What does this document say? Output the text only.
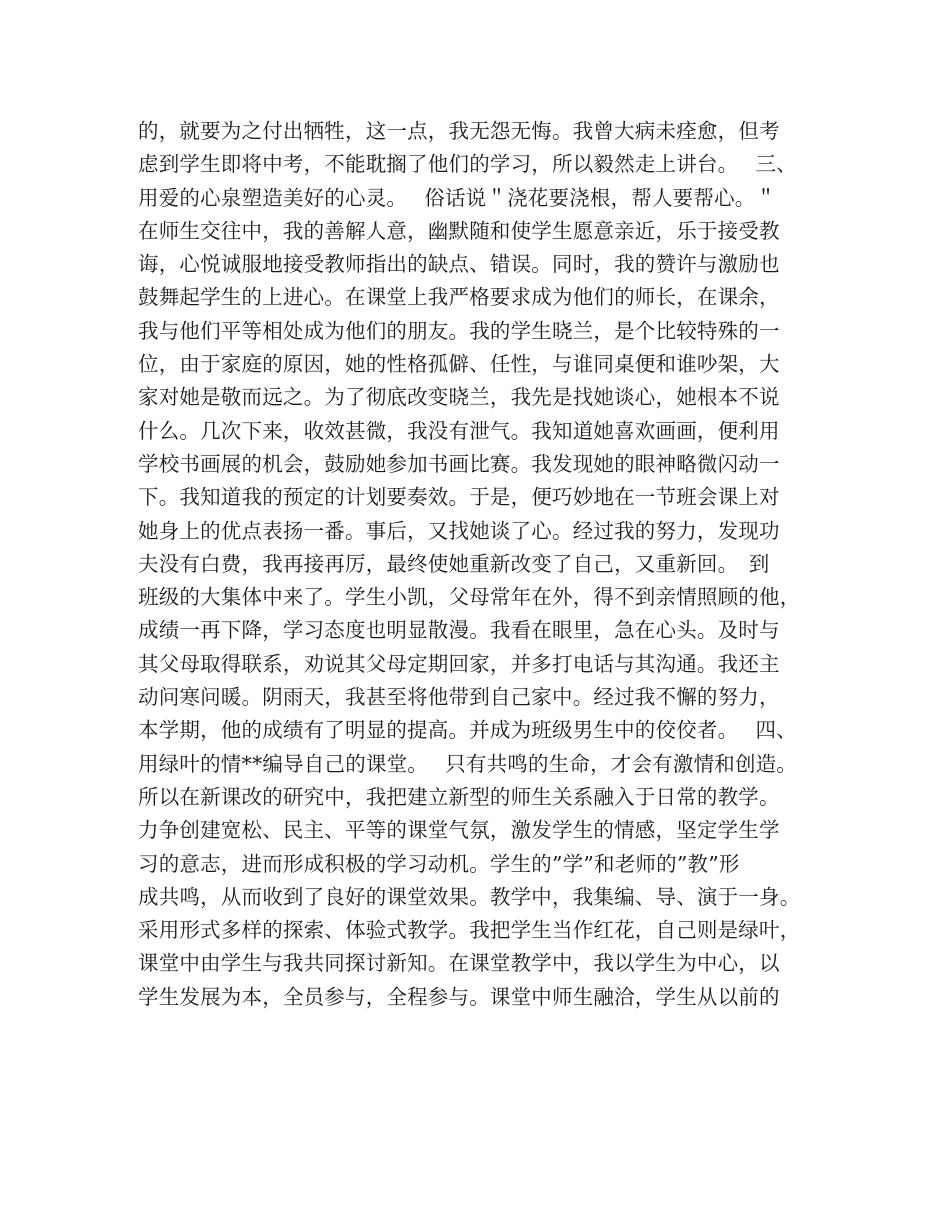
的，就要为之付出牺牲，这一点，我无怨无悔。我曾大病未痊愈，但考
虑到学生即将中考，不能耽搁了他们的学习，所以毅然走上讲台。　 三、
用爱的心泉塑造美好的心灵。　 俗话说＂浇花要浇根，帮人要帮心。＂
在师生交往中，我的善解人意，幽默随和使学生愿意亲近，乐于接受教
诲，心悦诚服地接受教师指出的缺点、错误。同时，我的赞许与激励也
鼓舞起学生的上进心。在课堂上我严格要求成为他们的师长，在课余，
我与他们平等相处成为他们的朋友。我的学生晓兰，是个比较特殊的一
位，由于家庭的原因，她的性格孤僻、任性，与谁同桌便和谁吵架，大
家对她是敬而远之。为了彻底改变晓兰，我先是找她谈心，她根本不说
什么。几次下来，收效甚微，我没有泄气。我知道她喜欢画画，便利用
学校书画展的机会，鼓励她参加书画比赛。我发现她的眼神略微闪动一
下。我知道我的预定的计划要奏效。于是，便巧妙地在一节班会课上对
她身上的优点表扬一番。事后，又找她谈了心。经过我的努力，发现功
夫没有白费，我再接再厉，最终使她重新改变了自己，又重新回。　到
班级的大集体中来了。学生小凯，父母常年在外，得不到亲情照顾的他，
成绩一再下降，学习态度也明显散漫。我看在眼里，急在心头。及时与
其父母取得联系，劝说其父母定期回家，并多打电话与其沟通。我还主
动问寒问暖。阴雨天，我甚至将他带到自己家中。经过我不懈的努力，
本学期，他的成绩有了明显的提高。并成为班级男生中的佼佼者。　 四、
用绿叶的情**编导自己的课堂。　 只有共鸣的生命，才会有激情和创造。
所以在新课改的研究中，我把建立新型的师生关系融入于日常的教学。
力争创建宽松、民主、平等的课堂气氛，激发学生的情感，坚定学生学
习的意志，进而形成积极的学习动机。学生的”学”和老师的”教”形
成共鸣，从而收到了良好的课堂效果。教学中，我集编、导、演于一身。
采用形式多样的探索、体验式教学。我把学生当作红花，自己则是绿叶，
课堂中由学生与我共同探讨新知。在课堂教学中，我以学生为中心，以
学生发展为本，全员参与，全程参与。课堂中师生融洽，学生从以前的
